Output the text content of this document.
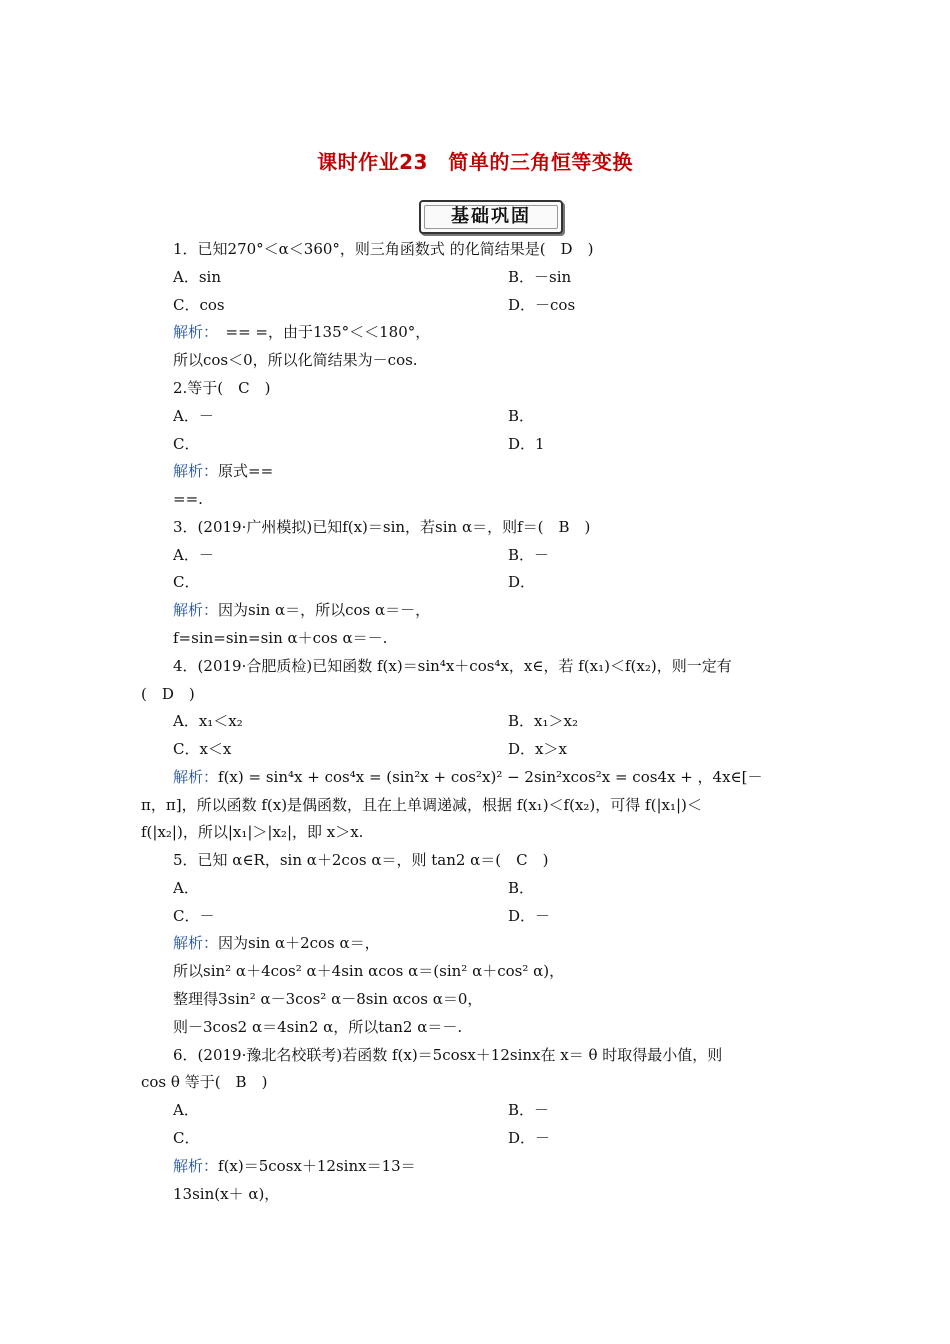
课时作业23　简单的三角恒等变换
基础巩固
1．已知270°＜α＜360°，则三角函数式 的化简结果是(　D　)
A．sin	B．－sin
C．cos	D．－cos
解析：　== =，由于135°＜＜180°，
所以cos＜0，所以化简结果为－cos.
2.等于(　C　)
A．－	B．
C．	D．1
解析：原式==
==.
3．(2019·广州模拟)已知f(x)＝sin，若sin α＝，则f＝(　B　)
A．－	B．－
C．	D．
解析：因为sin α＝，所以cos α＝－，
f=sin=sin=sin α＋cos α＝－.
4．(2019·合肥质检)已知函数 f(x)＝sin⁴x＋cos⁴x，x∈，若 f(x₁)＜f(x₂)，则一定有
(　D　)
A．x₁＜x₂	B．x₁＞x₂
C．x＜x	D．x＞x
解析：f(x) = sin⁴x + cos⁴x = (sin²x + cos²x)² − 2sin²xcos²x = cos4x + ，4x∈[－
π，π]，所以函数 f(x)是偶函数，且在上单调递减，根据 f(x₁)＜f(x₂)，可得 f(|x₁|)＜
f(|x₂|)，所以|x₁|＞|x₂|，即 x＞x.
5．已知 α∈R，sin α＋2cos α＝，则 tan2 α＝(　C　)
A．	B．
C．－	D．－
解析：因为sin α＋2cos α＝，
所以sin² α＋4cos² α＋4sin αcos α＝(sin² α＋cos² α)，
整理得3sin² α－3cos² α－8sin αcos α＝0，
则－3cos2 α＝4sin2 α，所以tan2 α＝－.
6．(2019·豫北名校联考)若函数 f(x)＝5cosx＋12sinx在 x＝ θ 时取得最小值，则
cos θ 等于(　B　)
A．	B．－
C．	D．－
解析：f(x)＝5cosx＋12sinx＝13＝
13sin(x＋ α)，
